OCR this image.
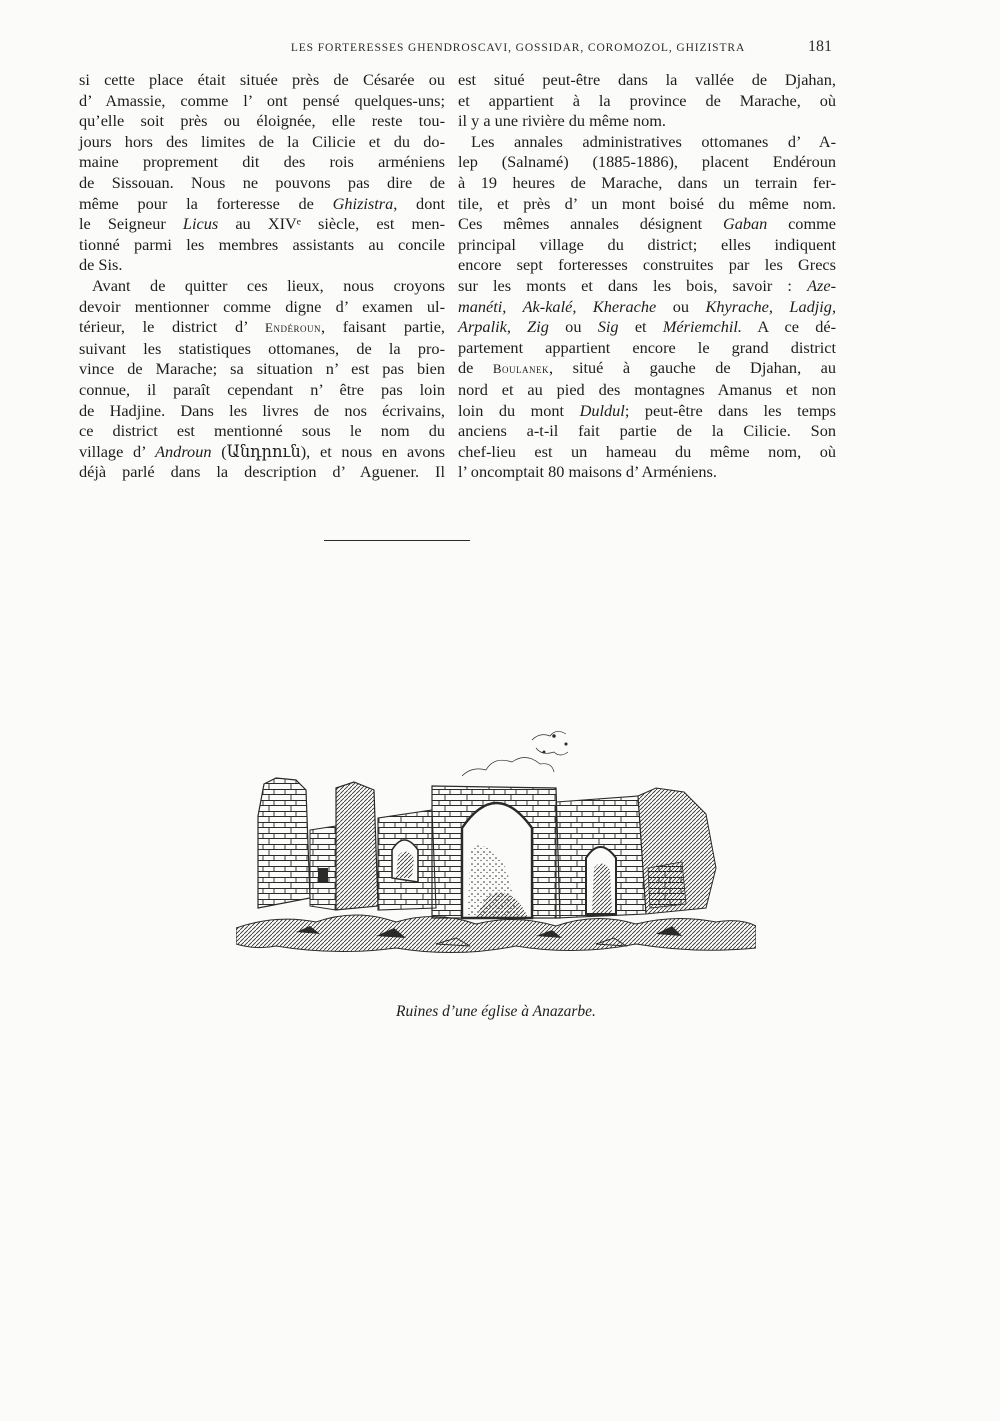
LES FORTERESSES GHENDROSCAVI, GOSSIDAR, COROMOZOL, GHIZISTRA	181
si cette place était située près de Césarée ou
d’ Amassie, comme l’ ont pensé quelques-uns;
qu’elle soit près ou éloignée, elle reste tou-
jours hors des limites de la Cilicie et du do-
maine proprement dit des rois arméniens
de Sissouan. Nous ne pouvons pas dire de
même pour la forteresse de Ghizistra, dont
le Seigneur Licus au XIVᵉ siècle, est men-
tionné parmi les membres assistants au concile
de Sis.
Avant de quitter ces lieux, nous croyons
devoir mentionner comme digne d’ examen ul-
térieur, le district d’ Endéroun, faisant partie,
suivant les statistiques ottomanes, de la pro-
vince de Marache; sa situation n’ est pas bien
connue, il paraît cependant n’ être pas loin
de Hadjine. Dans les livres de nos écrivains,
ce district est mentionné sous le nom du
village d’ Androun (Անդրուն), et nous en avons
déjà parlé dans la description d’ Aguener. Il
est situé peut-être dans la vallée de Djahan,
et appartient à la province de Marache, où
il y a une rivière du même nom.
Les annales administratives ottomanes d’ A-
lep (Salnamé) (1885-1886), placent Endéroun
à 19 heures de Marache, dans un terrain fer-
tile, et près d’ un mont boisé du même nom.
Ces mêmes annales désignent Gaban comme
principal village du district; elles indiquent
encore sept forteresses construites par les Grecs
sur les monts et dans les bois, savoir : Aze-
manéti, Ak-kalé, Kherache ou Khyrache, Ladjig,
Arpalik, Zig ou Sig et Mériemchil. A ce dé-
partement appartient encore le grand district
de Boulanek, situé à gauche de Djahan, au
nord et au pied des montagnes Amanus et non
loin du mont Duldul; peut-être dans les temps
anciens a-t-il fait partie de la Cilicie. Son
chef-lieu est un hameau du même nom, où
l’ oncomptait 80 maisons d’ Arméniens.
Ruines d’une église à Anazarbe.
